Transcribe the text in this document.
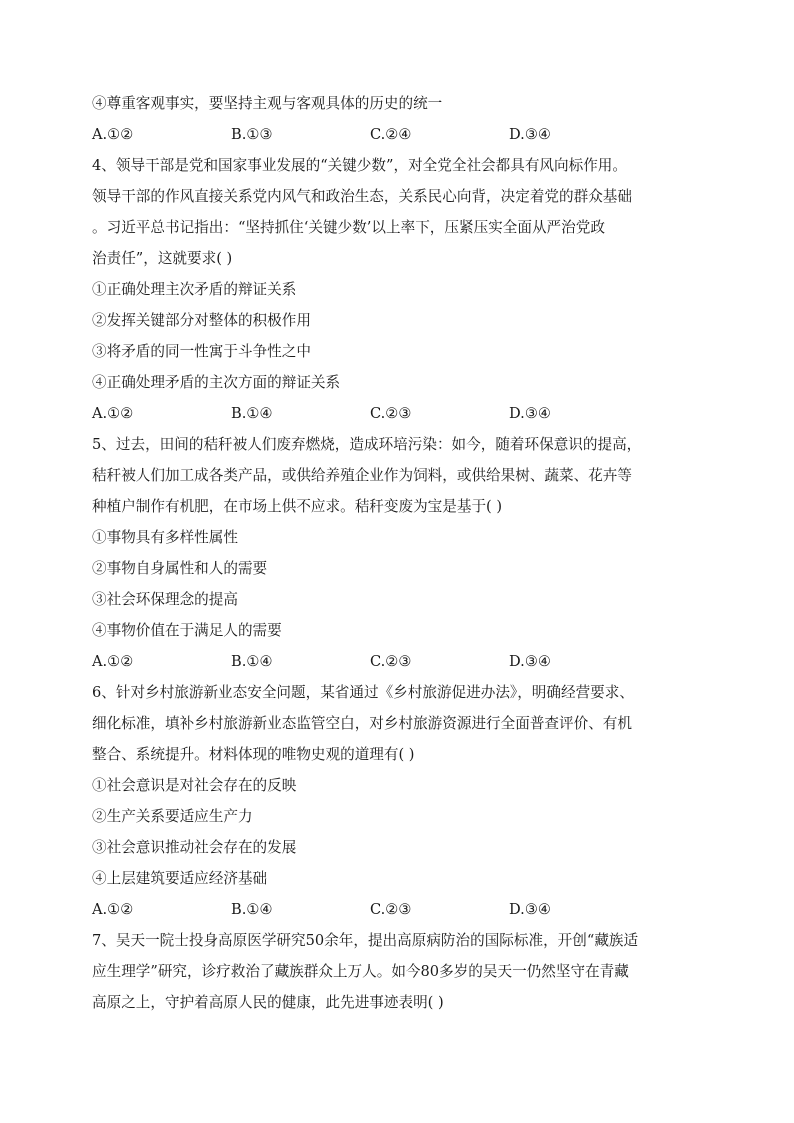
④尊重客观事实，要坚持主观与客观具体的历史的统一

A.①②	B.①③	C.②④	D.③④

4、领导干部是党和国家事业发展的“关键少数”，对全党全社会都具有风向标作用。

领导干部的作风直接关系党内风气和政治生态，关系民心向背，决定着党的群众基础

。习近平总书记指出：“坚持抓住‘关键少数’以上率下，压紧压实全面从严治党政

治责任”，这就要求( )

①正确处理主次矛盾的辩证关系

②发挥关键部分对整体的积极作用

③将矛盾的同一性寓于斗争性之中

④正确处理矛盾的主次方面的辩证关系

A.①②	B.①④	C.②③	D.③④

5、过去，田间的秸秆被人们废弃燃烧，造成环培污染：如今，随着环保意识的提高，

秸秆被人们加工成各类产品，或供给养殖企业作为饲料，或供给果树、蔬菜、花卉等

种植户制作有机肥，在市场上供不应求。秸秆变废为宝是基于( )

①事物具有多样性属性

②事物自身属性和人的需要

③社会环保理念的提高

④事物价值在于满足人的需要

A.①②	B.①④	C.②③	D.③④

6、针对乡村旅游新业态安全问题，某省通过《乡村旅游促进办法》，明确经营要求、

细化标准，填补乡村旅游新业态监管空白，对乡村旅游资源进行全面普查评价、有机

整合、系统提升。材料体现的唯物史观的道理有( )

①社会意识是对社会存在的反映

②生产关系要适应生产力

③社会意识推动社会存在的发展

④上层建筑要适应经济基础

A.①②	B.①④	C.②③	D.③④

7、吴天一院士投身高原医学研究50余年，提出高原病防治的国际标准，开创“藏族适

应生理学”研究，诊疗救治了藏族群众上万人。如今80多岁的吴天一仍然坚守在青藏

高原之上，守护着高原人民的健康，此先进事迹表明( )
